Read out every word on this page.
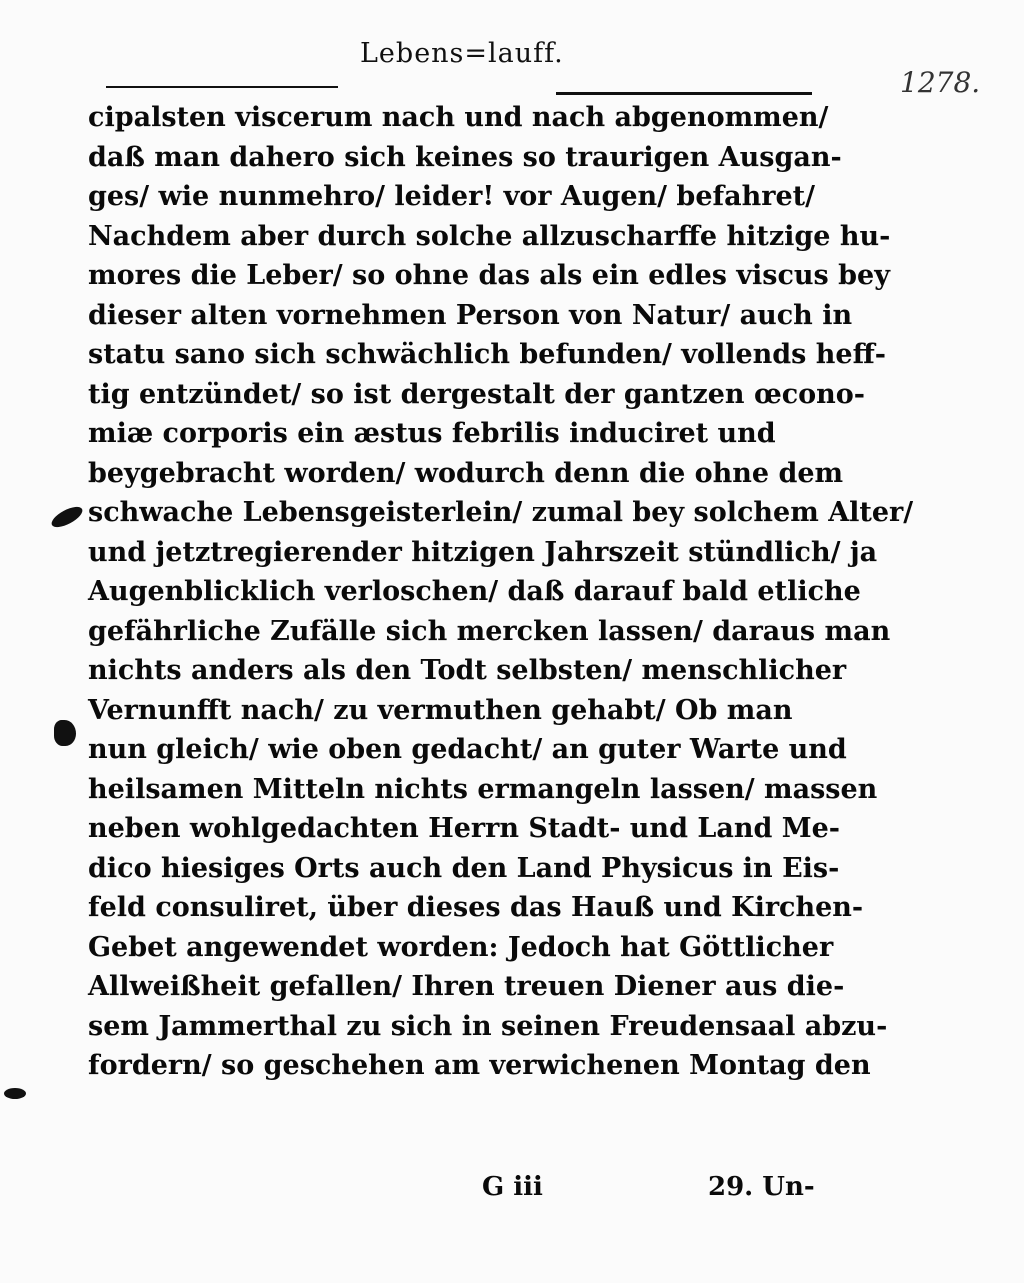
Lebens=lauff.
1278.
cipalsten viscerum nach und nach abgenommen/
daß man dahero sich keines so traurigen Ausgan-
ges/ wie nunmehro/ leider! vor Augen/ befahret/
Nachdem aber durch solche allzuscharffe hitzige hu-
mores die Leber/ so ohne das als ein edles viscus bey
dieser alten vornehmen Person von Natur/ auch in
statu sano sich schwächlich befunden/ vollends heff-
tig entzündet/ so ist dergestalt der gantzen œcono-
miæ corporis ein æstus febrilis induciret und
beygebracht worden/ wodurch denn die ohne dem
schwache Lebensgeisterlein/ zumal bey solchem Alter/
und jetztregierender hitzigen Jahrszeit stündlich/ ja
Augenblicklich verloschen/ daß darauf bald etliche
gefährliche Zufälle sich mercken lassen/ daraus man
nichts anders als den Todt selbsten/ menschlicher
Vernunfft nach/ zu vermuthen gehabt/ Ob man
nun gleich/ wie oben gedacht/ an guter Warte und
heilsamen Mitteln nichts ermangeln lassen/ massen
neben wohlgedachten Herrn Stadt- und Land Me-
dico hiesiges Orts auch den Land Physicus in Eis-
feld consuliret, über dieses das Hauß und Kirchen-
Gebet angewendet worden: Jedoch hat Göttlicher
Allweißheit gefallen/ Ihren treuen Diener aus die-
sem Jammerthal zu sich in seinen Freudensaal abzu-
fordern/ so geschehen am verwichenen Montag den
G iii	29. Un-
